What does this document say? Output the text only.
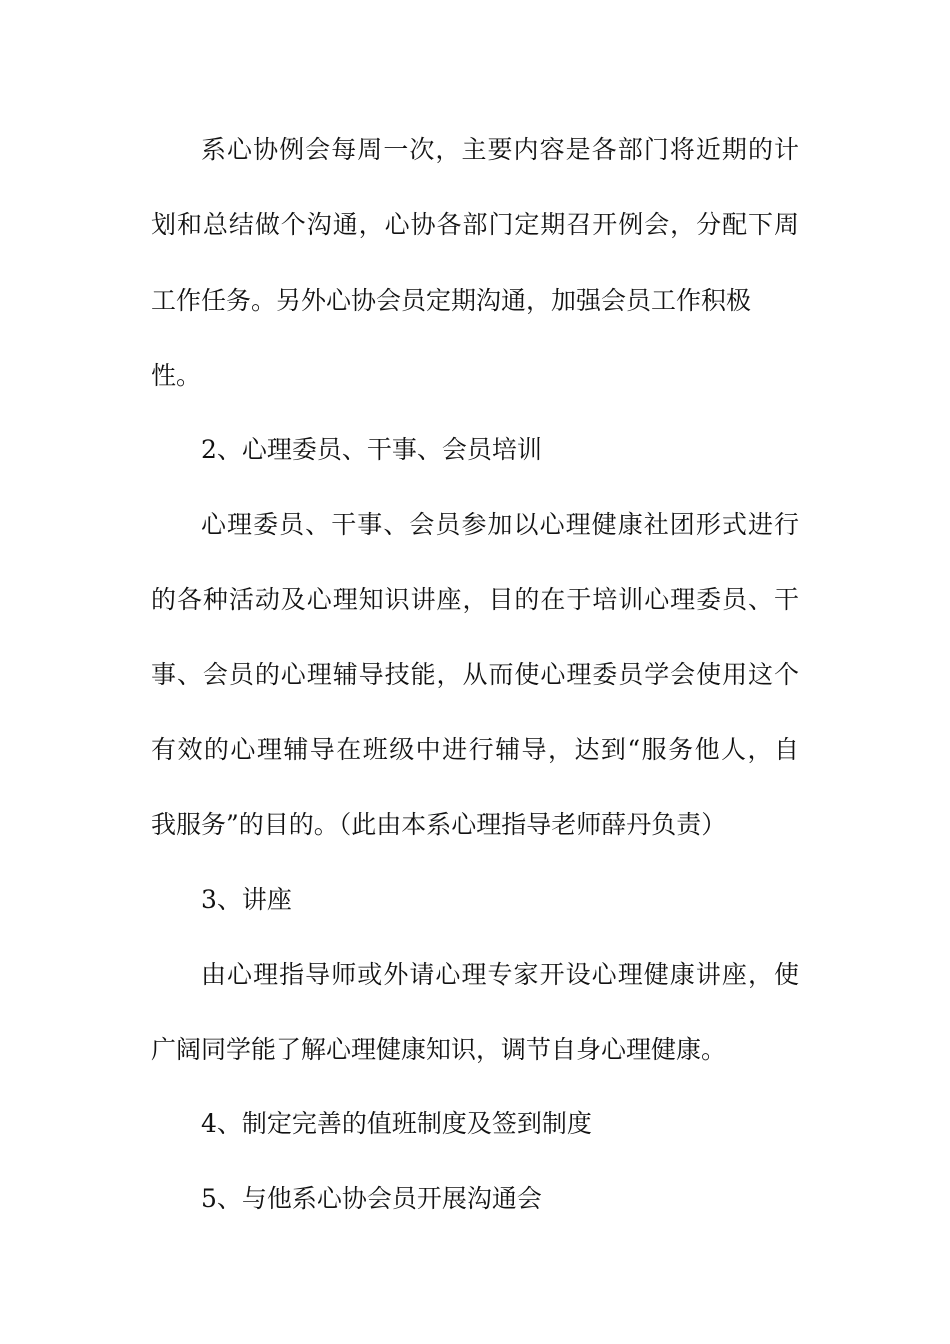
系心协例会每周一次，主要内容是各部门将近期的计
划和总结做个沟通，心协各部门定期召开例会，分配下周
工作任务。另外心协会员定期沟通，加强会员工作积极
性。
2、心理委员、干事、会员培训
心理委员、干事、会员参加以心理健康社团形式进行
的各种活动及心理知识讲座，目的在于培训心理委员、干
事、会员的心理辅导技能，从而使心理委员学会使用这个
有效的心理辅导在班级中进行辅导，达到“服务他人，自
我服务”的目的。（此由本系心理指导老师薛丹负责）
3、讲座
由心理指导师或外请心理专家开设心理健康讲座，使
广阔同学能了解心理健康知识，调节自身心理健康。
4、制定完善的值班制度及签到制度
5、与他系心协会员开展沟通会
